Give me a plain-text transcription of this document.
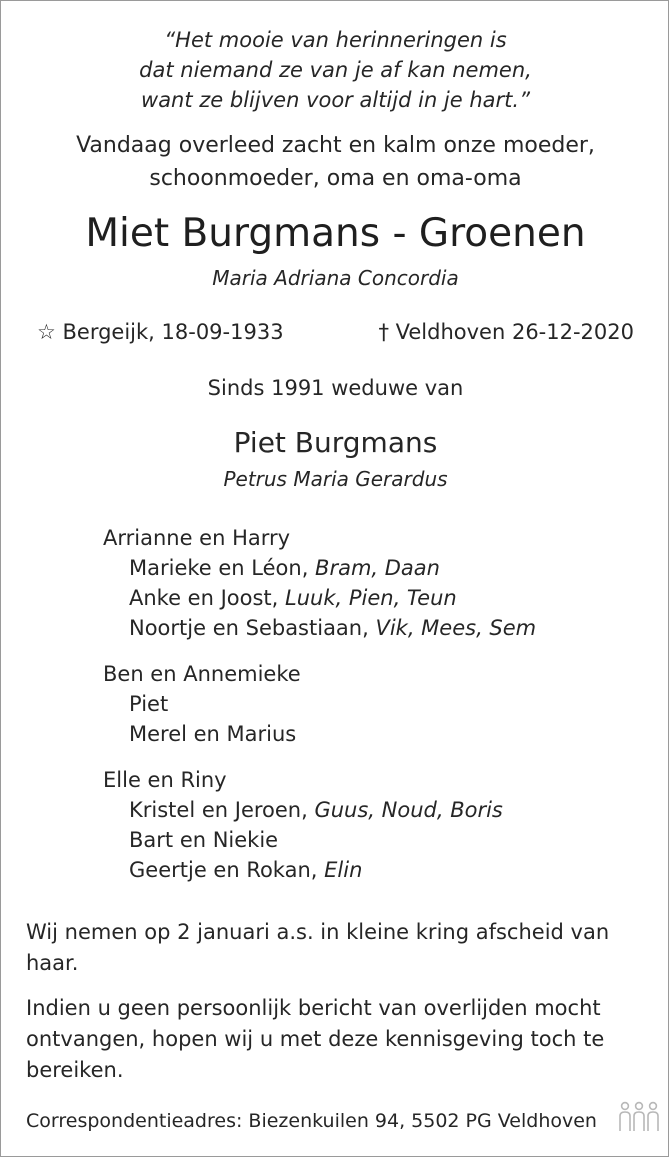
“Het mooie van herinneringen is
dat niemand ze van je af kan nemen,
want ze blijven voor altijd in je hart.”
Vandaag overleed zacht en kalm onze moeder,
schoonmoeder, oma en oma-oma
Miet Burgmans - Groenen
Maria Adriana Concordia
☆ Bergeijk, 18-09-1933	† Veldhoven 26-12-2020
Sinds 1991 weduwe van
Piet Burgmans
Petrus Maria Gerardus
Arrianne en Harry
Marieke en Léon, Bram, Daan
Anke en Joost, Luuk, Pien, Teun
Noortje en Sebastiaan, Vik, Mees, Sem
Ben en Annemieke
Piet
Merel en Marius
Elle en Riny
Kristel en Jeroen, Guus, Noud, Boris
Bart en Niekie
Geertje en Rokan, Elin
Wij nemen op 2 januari a.s. in kleine kring afscheid van haar.
Indien u geen persoonlijk bericht van overlijden mocht ontvangen, hopen wij u met deze kennisgeving toch te bereiken.
Correspondentieadres: Biezenkuilen 94, 5502 PG Veldhoven
